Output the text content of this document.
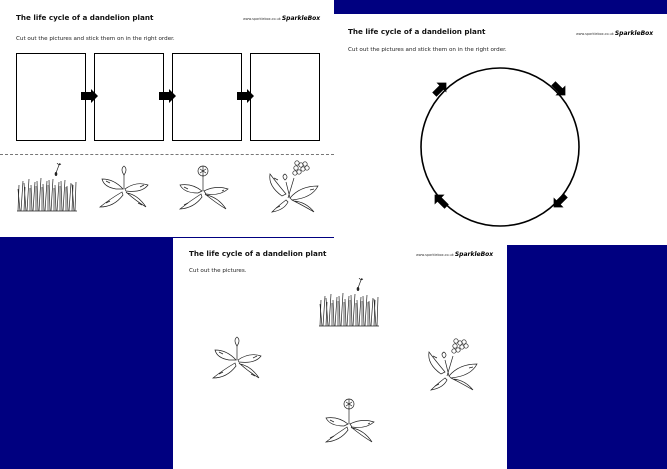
The life cycle of a dandelion plant	www.sparklebox.co.uk SparkleBox
Cut out the pictures and stick them on in the right order.
The life cycle of a dandelion plant	www.sparklebox.co.uk SparkleBox
Cut out the pictures and stick them on in the right order.
The life cycle of a dandelion plant	www.sparklebox.co.uk SparkleBox
Cut out the pictures.
